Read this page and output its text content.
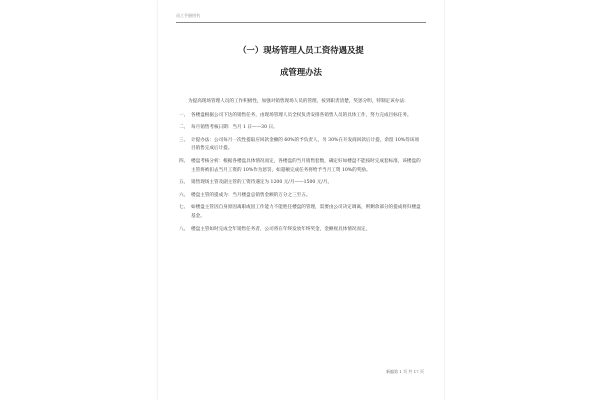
员工手册用书
（一）现场管理人员工资待遇及提
成管理办法

为提高现场管理人员的工作积极性，加强对销售现场人员的管理，按到职责清楚，奖惩分明，特制定该办法：

一、 各楼盘根据公司下达的销售任务，由现场管理人员全权负责安排各销售人员的具体工作，努力完成目标任务。
二、 每月销售考核日期：当月 1 日——30 日。
三、 计提办法：公司每月一次性提取应回款金额的 60%的予负责人，另 30%在开发商回款后计提，余留 10%待该项目销售完成后计提。
四、 楼盘考核分析：根据各楼盘具体情况而定，各楼盘的当月销售套数，确定好如楼盘不能按时完成套标准，该楼盘的主管将被扣去当月工资的 10%作为惩罚，如超额完成任务将给予当月工资 10%的奖励。
五、 销售现场主管及副主管的工资待遇定为 1200 元/月——1500 元/月。
六、 楼盘主管的提成为：当月楼盘总销售金额的万分之三至五。
七、 如楼盘主管因自身原因离职或因工作能力不能胜任楼盘的管理，需要由公司决定调离，则剩余部分的提成将归楼盘基金。
八、 楼盘主管如时完成全年销售任务者，公司将在年终发放年终奖金，金额视具体情况而定。
新编第 1 页 共 17 页
